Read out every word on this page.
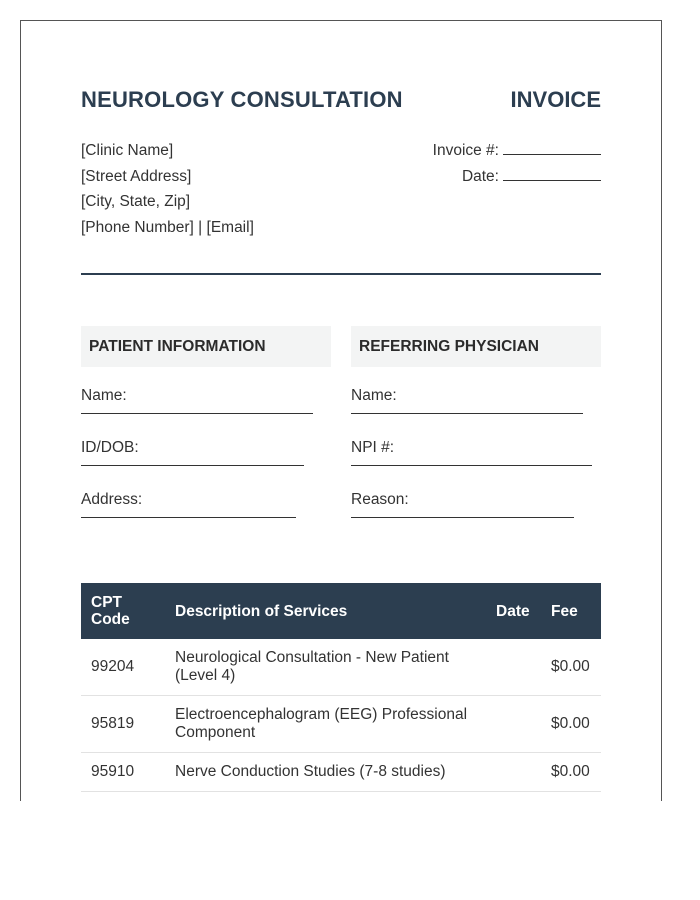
NEUROLOGY CONSULTATION	INVOICE
[Clinic Name]
[Street Address]
[City, State, Zip]
[Phone Number] | [Email]
Invoice #:
Date:
PATIENT INFORMATION
Name:
ID/DOB:
Address:
REFERRING PHYSICIAN
Name:
NPI #:
Reason:
CPT Code	Description of Services	Date	Fee
99204	Neurological Consultation - New Patient (Level 4)		$0.00
95819	Electroencephalogram (EEG) Professional Component		$0.00
95910	Nerve Conduction Studies (7-8 studies)		$0.00
